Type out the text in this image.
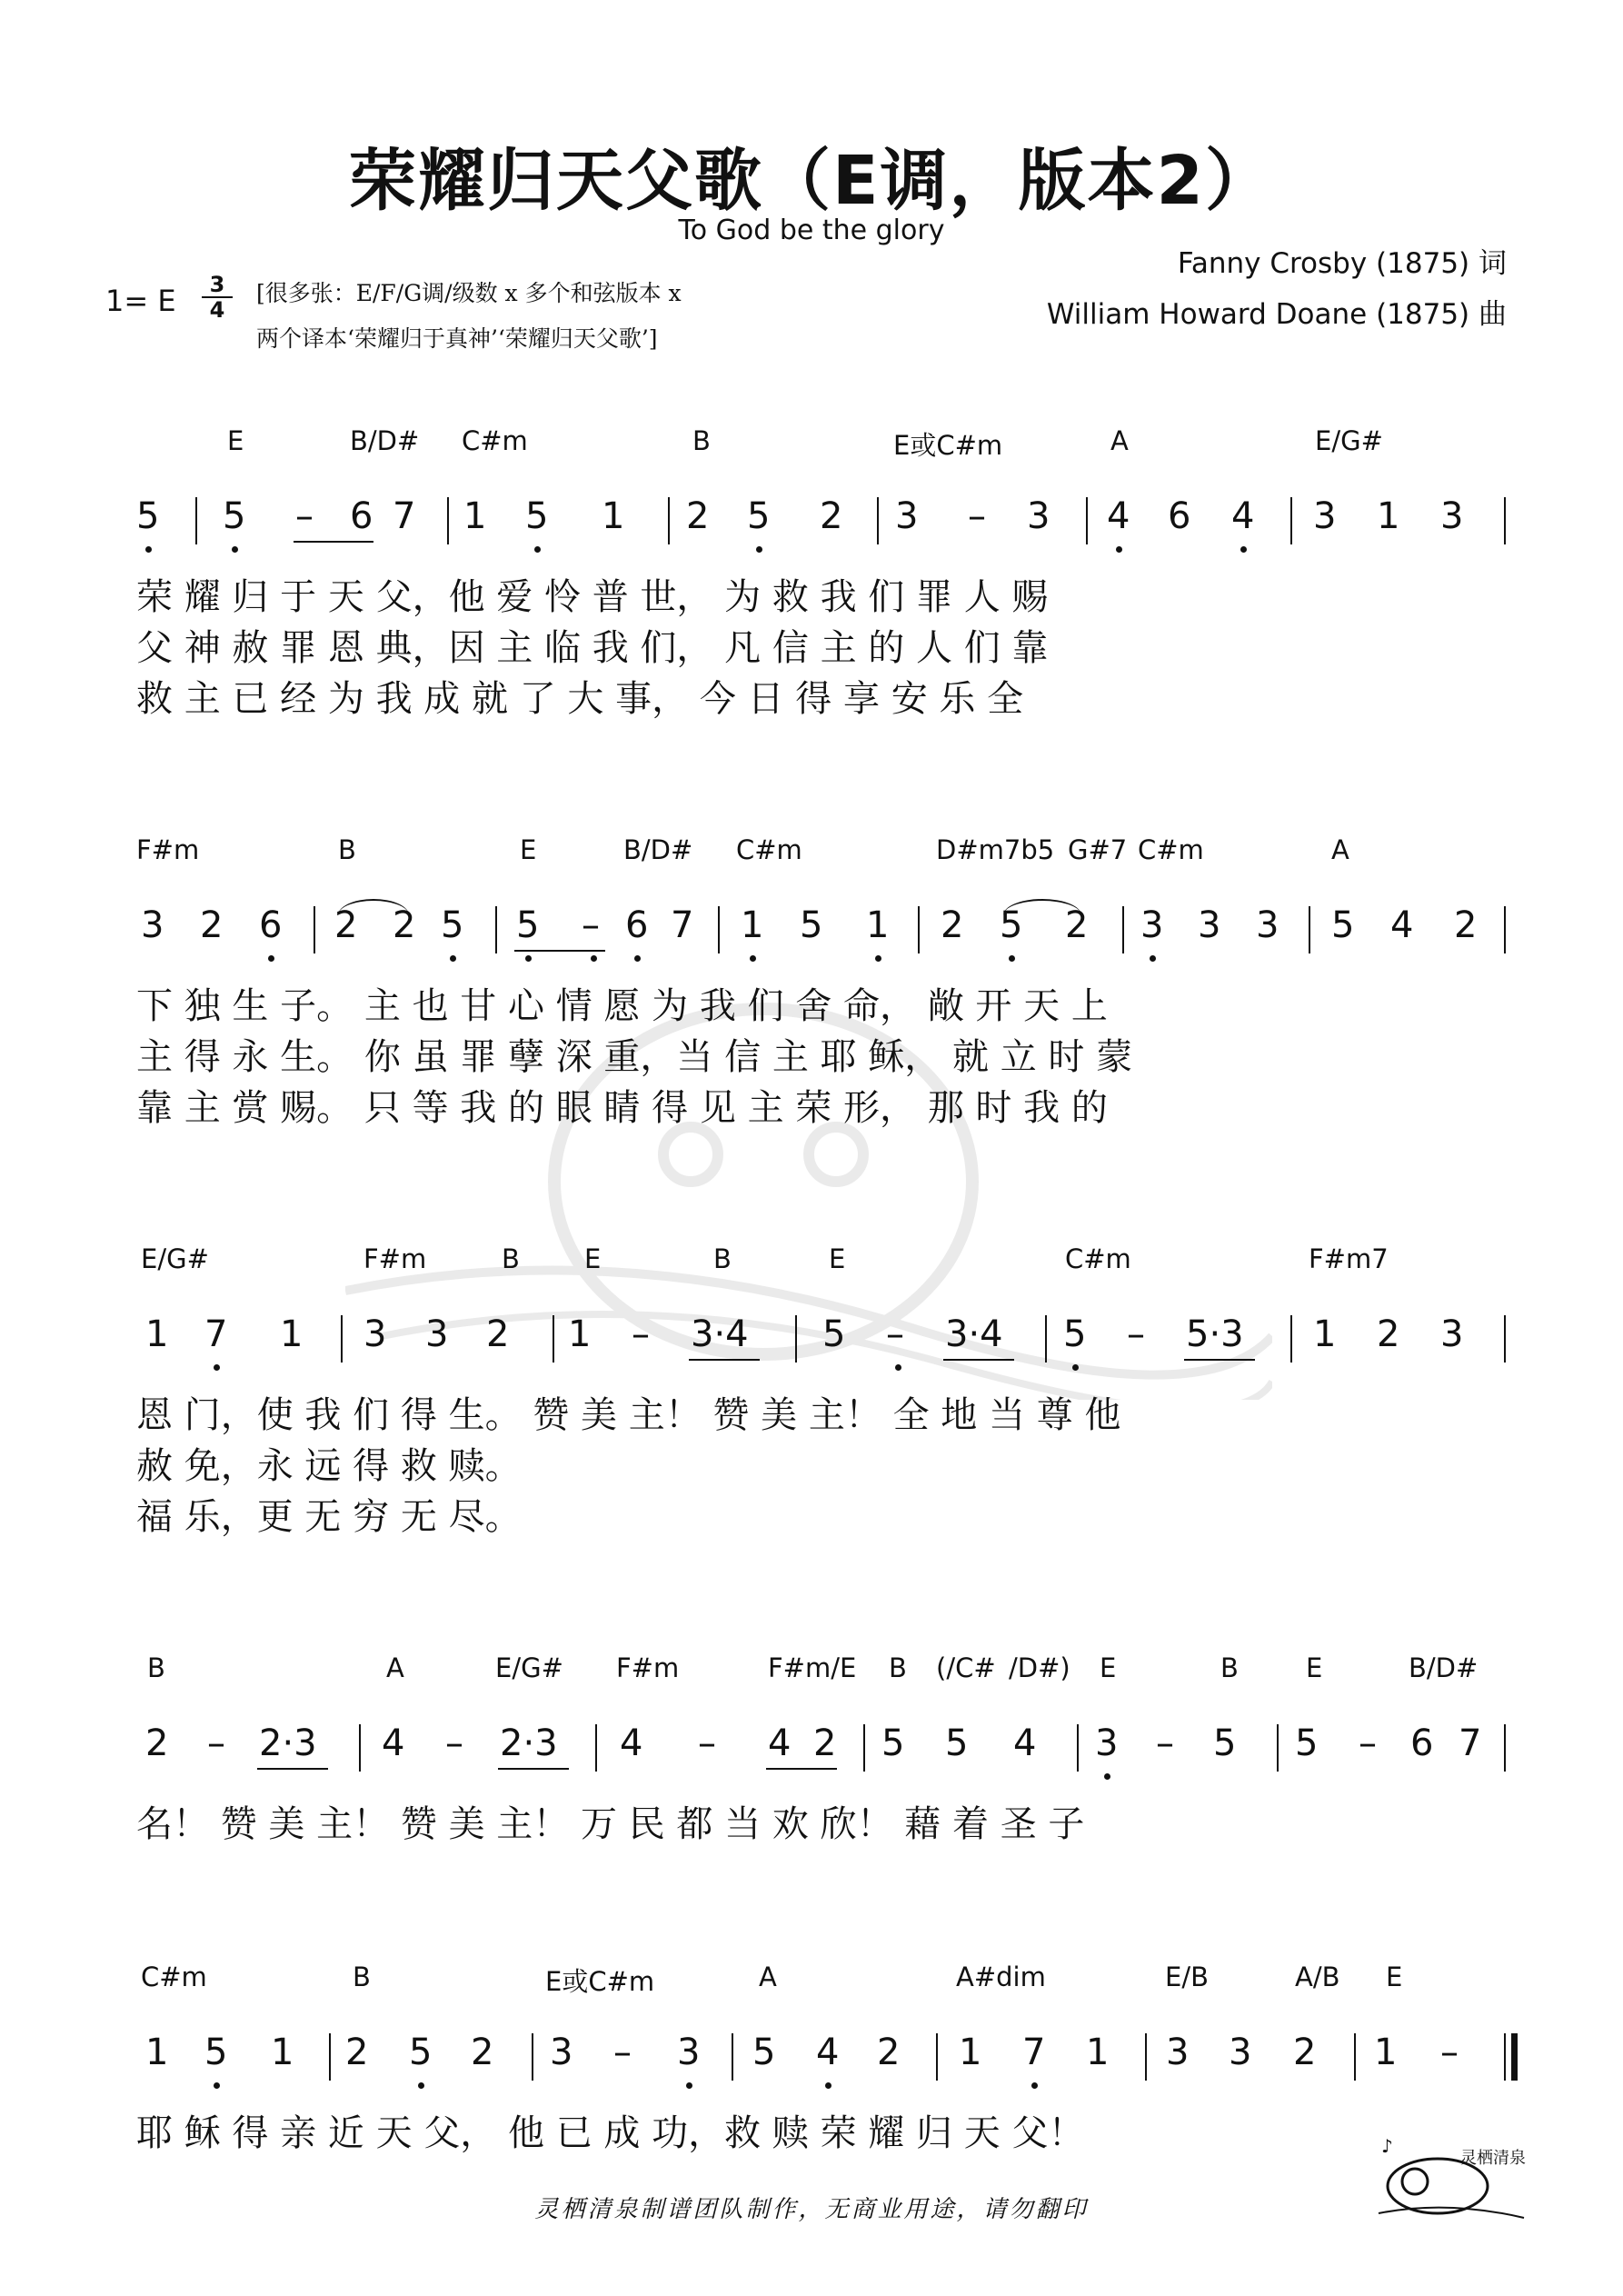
荣耀归天父歌（E调，版本2）
To God be the glory
Fanny Crosby (1875) 词
William Howard Doane (1875) 曲
1= E	3
4
[很多张：E/F/G调/级数 x 多个和弦版本 x
两个译本‘荣耀归于真神’‘荣耀归天父歌’]
E	B/D# C#m	B	E或C#m	A	E/G#
5 5 – 6 7 1 5 1 2 5 2 3 – 3 4 6 4 3 1 3
荣 耀 归 于 天 父，他 爱 怜 普 世， 为 救 我 们 罪 人 赐
父 神 赦 罪 恩 典，因 主 临 我 们， 凡 信 主 的 人 们 靠
救 主 已 经 为 我 成 就 了 大 事， 今 日 得 享 安 乐 全
F#m	B	E	B/D# C#m	D#m7b5 G#7 C#m	A
3 2 6 2 2 5 5 – 6 7 1 5 1 2 5 2 3 3 3 5 4 2
下 独 生 子。 主 也 甘 心 情 愿 为 我 们 舍 命， 敞 开 天 上
主 得 永 生。 你 虽 罪 孽 深 重，当 信 主 耶 稣， 就 立 时 蒙
靠 主 赏 赐。 只 等 我 的 眼 睛 得 见 主 荣 形， 那 时 我 的
E/G#	F#m	B E	B	E	C#m	F#m7
1 7 1 3 3 2 1 – 3·4 5 – 3·4 5 – 5·3 1 2 3
恩 门，使 我 们 得 生。 赞 美 主！ 赞 美 主！ 全 地 当 尊 他
赦 免，永 远 得 救 赎。
福 乐，更 无 穷 无 尽。
B	A	E/G# F#m	F#m/E B (/C# /D#) E	B	E	B/D#
2 – 2·3 4 – 2·3 4 – 4 2 5 5 4 3 – 5 5 – 6 7
名！ 赞 美 主！ 赞 美 主！ 万 民 都 当 欢 欣！ 藉 着 圣 子
C#m	B	E或C#m	A	A#dim	E/B	A/B E
1 5 1 2 5 2 3 – 3 5 4 2 1 7 1 3 3 2 1 –
耶 稣 得 亲 近 天 父， 他 已 成 功，救 赎 荣 耀 归 天 父！
灵栖清泉
♪
灵栖清泉制谱团队制作，无商业用途，请勿翻印
